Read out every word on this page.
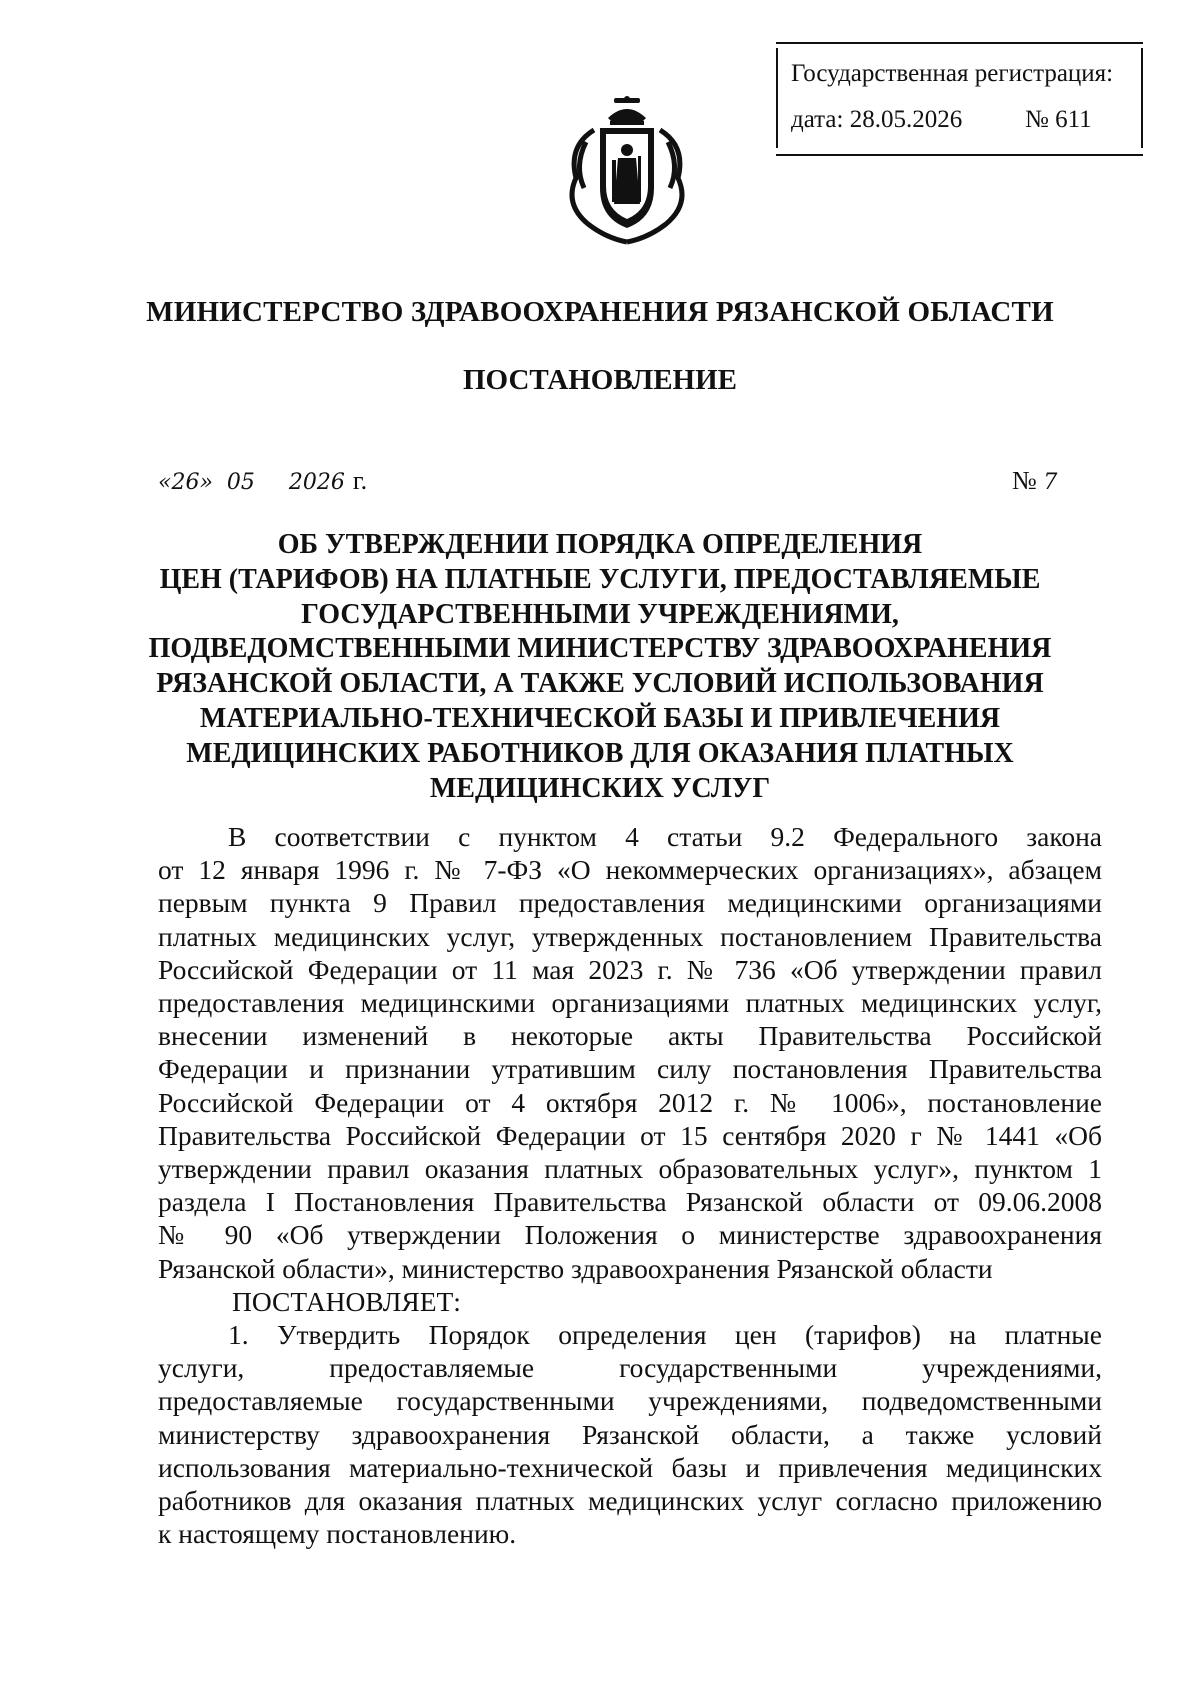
Государственная регистрация:
дата: 28.05.2026	№ 611
МИНИСТЕРСТВО ЗДРАВООХРАНЕНИЯ РЯЗАНСКОЙ ОБЛАСТИ
ПОСТАНОВЛЕНИЕ
«26» 05 2026 г.	№ 7
ОБ УТВЕРЖДЕНИИ ПОРЯДКА ОПРЕДЕЛЕНИЯ
ЦЕН (ТАРИФОВ) НА ПЛАТНЫЕ УСЛУГИ, ПРЕДОСТАВЛЯЕМЫЕ
ГОСУДАРСТВЕННЫМИ УЧРЕЖДЕНИЯМИ,
ПОДВЕДОМСТВЕННЫМИ МИНИСТЕРСТВУ ЗДРАВООХРАНЕНИЯ
РЯЗАНСКОЙ ОБЛАСТИ, А ТАКЖЕ УСЛОВИЙ ИСПОЛЬЗОВАНИЯ
МАТЕРИАЛЬНО-ТЕХНИЧЕСКОЙ БАЗЫ И ПРИВЛЕЧЕНИЯ
МЕДИЦИНСКИХ РАБОТНИКОВ ДЛЯ ОКАЗАНИЯ ПЛАТНЫХ
МЕДИЦИНСКИХ УСЛУГ
В соответствии с пунктом 4 статьи 9.2 Федерального закона
от 12 января 1996 г. № 7-ФЗ «О некоммерческих организациях», абзацем
первым пункта 9 Правил предоставления медицинскими организациями
платных медицинских услуг, утвержденных постановлением Правительства
Российской Федерации от 11 мая 2023 г. № 736 «Об утверждении правил
предоставления медицинскими организациями платных медицинских услуг,
внесении изменений в некоторые акты Правительства Российской
Федерации и признании утратившим силу постановления Правительства
Российской Федерации от 4 октября 2012 г. № 1006», постановление
Правительства Российской Федерации от 15 сентября 2020 г № 1441 «Об
утверждении правил оказания платных образовательных услуг», пунктом 1
раздела I Постановления Правительства Рязанской области от 09.06.2008
№ 90 «Об утверждении Положения о министерстве здравоохранения
Рязанской области», министерство здравоохранения Рязанской области
ПОСТАНОВЛЯЕТ:
1. Утвердить Порядок определения цен (тарифов) на платные
услуги, предоставляемые государственными учреждениями,
предоставляемые государственными учреждениями, подведомственными
министерству здравоохранения Рязанской области, а также условий
использования материально-технической базы и привлечения медицинских
работников для оказания платных медицинских услуг согласно приложению
к настоящему постановлению.
